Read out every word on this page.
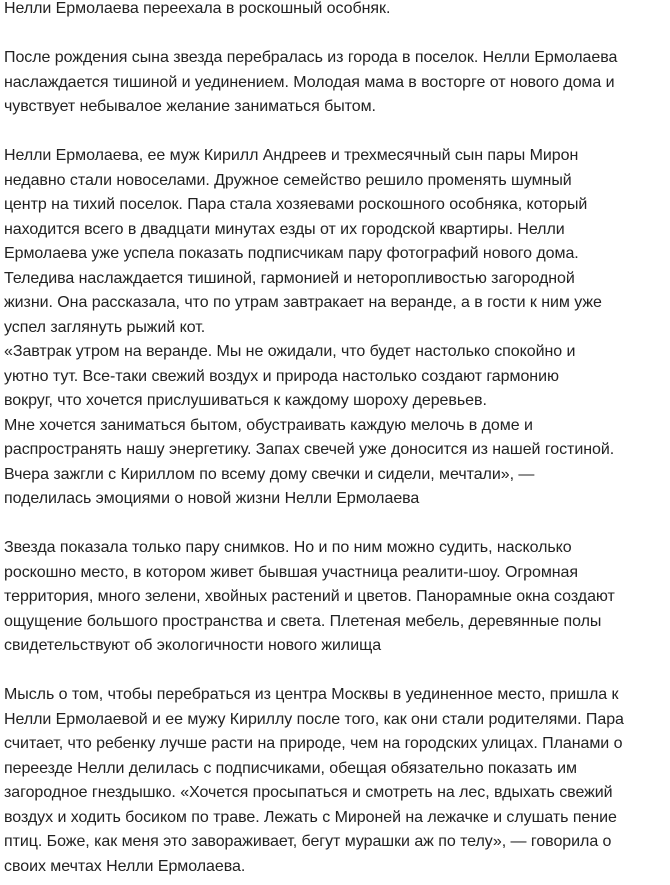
Нелли Ермолаева переехала в роскошный особняк.
После рождения сына звезда перебралась из города в поселок. Нелли Ермолаева
наслаждается тишиной и уединением. Молодая мама в восторге от нового дома и
чувствует небывалое желание заниматься бытом.
Нелли Ермолаева, ее муж Кирилл Андреев и трехмесячный сын пары Мирон
недавно стали новоселами. Дружное семейство решило променять шумный
центр на тихий поселок. Пара стала хозяевами роскошного особняка, который
находится всего в двадцати минутах езды от их городской квартиры. Нелли
Ермолаева уже успела показать подписчикам пару фотографий нового дома.
Теледива наслаждается тишиной, гармонией и неторопливостью загородной
жизни. Она рассказала, что по утрам завтракает на веранде, а в гости к ним уже
успел заглянуть рыжий кот.
«Завтрак утром на веранде. Мы не ожидали, что будет настолько спокойно и
уютно тут. Все-таки свежий воздух и природа настолько создают гармонию
вокруг, что хочется прислушиваться к каждому шороху деревьев.
Мне хочется заниматься бытом, обустраивать каждую мелочь в доме и
распространять нашу энергетику. Запах свечей уже доносится из нашей гостиной.
Вчера зажгли с Кириллом по всему дому свечки и сидели, мечтали», —
поделилась эмоциями о новой жизни Нелли Ермолаева
Звезда показала только пару снимков. Но и по ним можно судить, насколько
роскошно место, в котором живет бывшая участница реалити-шоу. Огромная
территория, много зелени, хвойных растений и цветов. Панорамные окна создают
ощущение большого пространства и света. Плетеная мебель, деревянные полы
свидетельствуют об экологичности нового жилища
Мысль о том, чтобы перебраться из центра Москвы в уединенное место, пришла к
Нелли Ермолаевой и ее мужу Кириллу после того, как они стали родителями. Пара
считает, что ребенку лучше расти на природе, чем на городских улицах. Планами о
переезде Нелли делилась с подписчиками, обещая обязательно показать им
загородное гнездышко. «Хочется просыпаться и смотреть на лес, вдыхать свежий
воздух и ходить босиком по траве. Лежать с Мироней на лежачке и слушать пение
птиц. Боже, как меня это завораживает, бегут мурашки аж по телу», — говорила о
своих мечтах Нелли Ермолаева.
